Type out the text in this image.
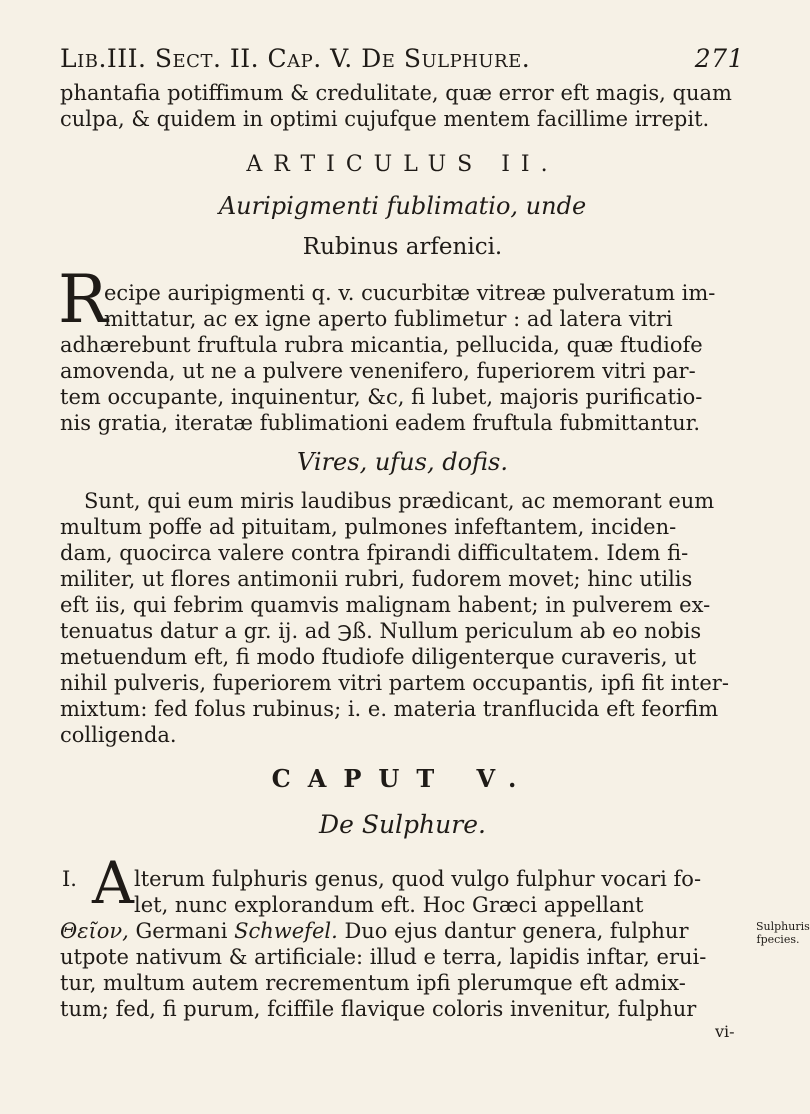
Lib.III. Sect. II. Cap. V. De Sulphure.	271
phantafia potiffimum & credulitate, quæ error eft magis, quam
culpa, & quidem in optimi cujufque mentem facillime irrepit.
ARTICULUS II.
Auripigmenti fublimatio, unde
Rubinus arfenici.
R
ecipe auripigmenti q. v. cucurbitæ vitreæ pulveratum im-
mittatur, ac ex igne aperto fublimetur : ad latera vitri
adhærebunt fruftula rubra micantia, pellucida, quæ ftudiofe
amovenda, ut ne a pulvere venenifero, fuperiorem vitri par-
tem occupante, inquinentur, &c, fi lubet, majoris purificatio-
nis gratia, iteratæ fublimationi eadem fruftula fubmittantur.
Vires, ufus, dofis.
Sunt, qui eum miris laudibus prædicant, ac memorant eum
multum poffe ad pituitam, pulmones infeftantem, inciden-
dam, quocirca valere contra fpirandi difficultatem. Idem fi-
militer, ut flores antimonii rubri, fudorem movet; hinc utilis
eft iis, qui febrim quamvis malignam habent; in pulverem ex-
tenuatus datur a gr. ij. ad ℈ß. Nullum periculum ab eo nobis
metuendum eft, fi modo ftudiofe diligenterque curaveris, ut
nihil pulveris, fuperiorem vitri partem occupantis, ipfi fit inter-
mixtum: fed folus rubinus; i. e. materia tranflucida eft feorfim
colligenda.
CAPUT V.
De Sulphure.
I. A lterum fulphuris genus, quod vulgo fulphur vocari fo-
let, nunc explorandum eft. Hoc Græci appellant
Θεῖον, Germani Schwefel. Duo ejus dantur genera, fulphur
utpote nativum & artificiale: illud e terra, lapidis inftar, erui-
tur, multum autem recrementum ipfi plerumque eft admix-
tum; fed, fi purum, fciffile flavique coloris invenitur, fulphur
Sulphuris
fpecies.
vi-
